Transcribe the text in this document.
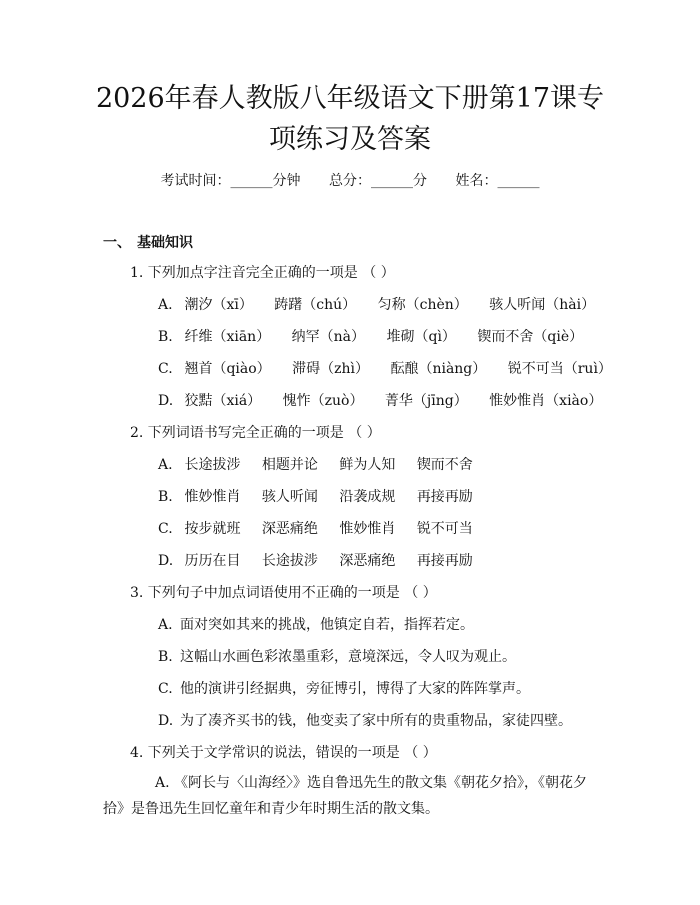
2026年春人教版八年级语文下册第17课专
项练习及答案
考试时间：______分钟 总分：______分 姓名：______
一、 基础知识
1. 下列加点字注音完全正确的一项是 （ ）
A. 潮汐（xī） 踌躇（chú） 匀称（chèn） 骇人听闻（hài）
B. 纤维（xiān） 纳罕（nà） 堆砌（qì） 锲而不舍（qiè）
C. 翘首（qiào） 滞碍（zhì） 酝酿（niàng） 锐不可当（ruì）
D. 狡黠（xiá） 愧怍（zuò） 菁华（jīng） 惟妙惟肖（xiào）
2. 下列词语书写完全正确的一项是 （ ）
A. 长途拔涉 相题并论 鲜为人知 锲而不舍
B. 惟妙惟肖 骇人听闻 沿袭成规 再接再励
C. 按步就班 深恶痛绝 惟妙惟肖 锐不可当
D. 历历在目 长途拔涉 深恶痛绝 再接再励
3. 下列句子中加点词语使用不正确的一项是 （ ）
A. 面对突如其来的挑战，他镇定自若，指挥若定。
B. 这幅山水画色彩浓墨重彩，意境深远，令人叹为观止。
C. 他的演讲引经据典，旁征博引，博得了大家的阵阵掌声。
D. 为了凑齐买书的钱，他变卖了家中所有的贵重物品，家徒四壁。
4. 下列关于文学常识的说法，错误的一项是 （ ）
A. 《阿长与〈山海经〉》选自鲁迅先生的散文集《朝花夕拾》，《朝花夕拾》是鲁迅先生回忆童年和青少年时期生活的散文集。
